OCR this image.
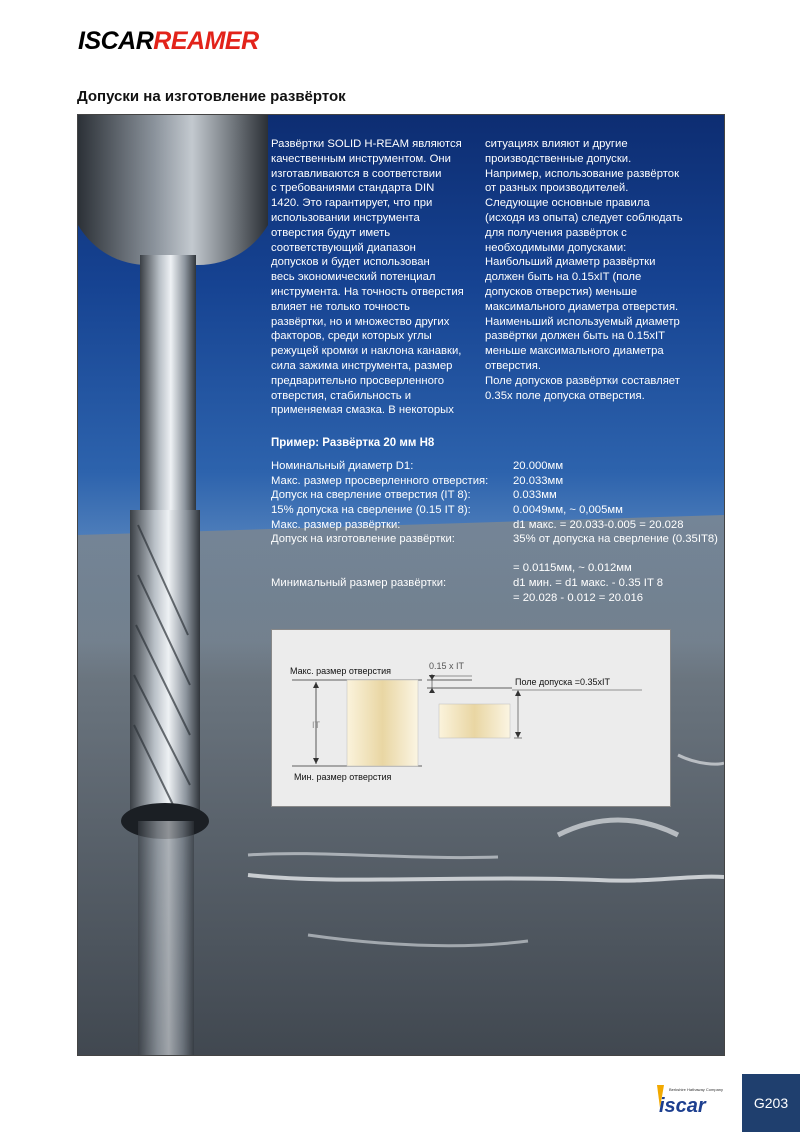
ISCARREAMER
Допуски на изготовление развёрток
Развёртки SOLID H-REAM являются
качественным инструментом. Они
изготавливаются в соответствии
с требованиями стандарта DIN
1420. Это гарантирует, что при
использовании инструмента
отверстия будут иметь
соответствующий диапазон
допусков и будет использован
весь экономический потенциал
инструмента. На точность отверстия
влияет не только точность
развёртки, но и множество других
факторов, среди которых углы
режущей кромки и наклона канавки,
сила зажима инструмента, размер
предварительно просверленного
отверстия, стабильность и
применяемая смазка. В некоторых
ситуациях влияют и другие
производственные допуски.
Например, использование развёрток
от разных производителей.
Следующие основные правила
(исходя из опыта) следует соблюдать
для получения развёрток с
необходимыми допусками:
Наибольший диаметр развёртки
должен быть на 0.15xIT (поле
допусков отверстия) меньше
максимального диаметра отверстия.
Наименьший используемый диаметр
развёртки должен быть на 0.15xIT
меньше максимального диаметра
отверстия.
Поле допусков развёртки составляет
0.35x поле допуска отверстия.
Пример: Развёртка 20 мм H8
Номинальный диаметр D1:	20.000мм
Макс. размер просверленного отверстия: 20.033мм
Допуск на сверление отверстия (IT 8):	0.033мм
15% допуска на сверление (0.15 IT 8):	0.0049мм, ~ 0,005мм
Макс. размер развёртки:	d1 макс. = 20.033-0.005 = 20.028
Допуск на изготовление развёртки:	35% от допуска на сверление (0.35IT8)
= 0.0115мм, ~ 0.012мм
Минимальный размер развёртки:	d1 мин. = d1 макс. - 0.35 IT 8
= 20.028 - 0.012 = 20.016
Макс. размер отверстия
Мин. размер отверстия
IT
0.15 x IT
Поле допуска =0.35xIT
Berkshire Hathaway Company
iscar	G203
